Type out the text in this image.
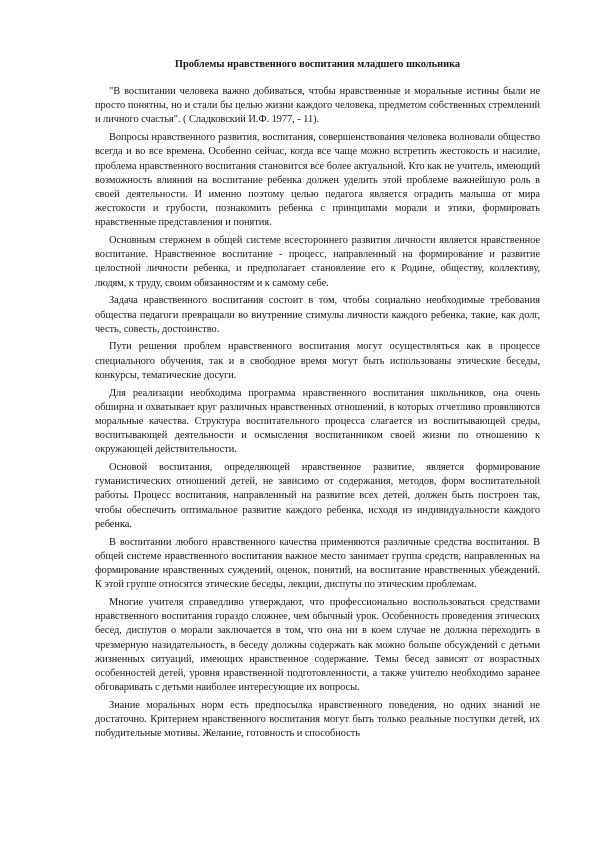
Проблемы нравственного воспитания младшего школьника

"В воспитании человека важно добиваться, чтобы нравственные и моральные истины были не просто понятны, но и стали бы целью жизни каждого человека, предметом собственных стремлений и личного счастья". ( Сладковский И.Ф. 1977, - 11).

Вопросы нравственного развития, воспитания, совершенствования человека волновали общество всегда и во все времена. Особенно сейчас, когда все чаще можно встретить жестокость и насилие, проблема нравственного воспитания становится все более актуальной. Кто как не учитель, имеющий возможность влияния на воспитание ребенка должен уделить этой проблеме важнейшую роль в своей деятельности. И именно поэтому целью педагога является оградить малыша от мира жестокости и грубости, познакомить ребенка с принципами морали и этики, формировать нравственные представления и понятия.

Основным стержнем в общей системе всестороннего развития личности является нравственное воспитание. Нравственное воспитание - процесс, направленный на формирование и развитие целостной личности ребенка, и предполагает становление его к Родине, обществу, коллективу, людям, к труду, своим обязанностям и к самому себе.

Задача нравственного воспитания состоит в том, чтобы социально необходимые требования общества педагоги превращали во внутренние стимулы личности каждого ребенка, такие, как долг, честь, совесть, достоинство.

Пути решения проблем нравственного воспитания могут осуществляться как в процессе специального обучения, так и в свободное время могут быть использованы этические беседы, конкурсы, тематические досуги.

Для реализации необходима программа нравственного воспитания школьников, она очень обширна и охватывает круг различных нравственных отношений, в которых отчетливо проявляются моральные качества. Структура воспитательного процесса слагается из воспитывающей среды, воспитывающей деятельности и осмысления воспитанником своей жизни по отношению к окружающей действительности.

Основой воспитания, определяющей нравственное развитие, является формирование гуманистических отношений детей, не зависимо от содержания, методов, форм воспитательной работы. Процесс воспитания, направленный на развитие всех детей, должен быть построен так, чтобы обеспечить оптимальное развитие каждого ребенка, исходя из индивидуальности каждого ребенка.

В воспитании любого нравственного качества применяются различные средства воспитания. В общей системе нравственного воспитания важное место занимает группа средств, направленных на формирование нравственных суждений, оценок, понятий, на воспитание нравственных убеждений. К этой группе относятся этические беседы, лекции, диспуты по этическим проблемам.

Многие учителя справедливо утверждают, что профессионально воспользоваться средствами нравственного воспитания гораздо сложнее, чем обычный урок. Особенность проведения этических бесед, диспутов о морали заключается в том, что она ни в коем случае не должна переходить в чрезмерную назидательность, в беседу должны содержать как можно больше обсуждений с детьми жизненных ситуаций, имеющих нравственное содержание. Темы бесед зависят от возрастных особенностей детей, уровня нравственной подготовленности, а также учителю необходимо заранее обговаривать с детьми наиболее интересующие их вопросы.

Знание моральных норм есть предпосылка нравственного поведения, но одних знаний не достаточно. Критерием нравственного воспитания могут быть только реальные поступки детей, их побудительные мотивы. Желание, готовность и способность
